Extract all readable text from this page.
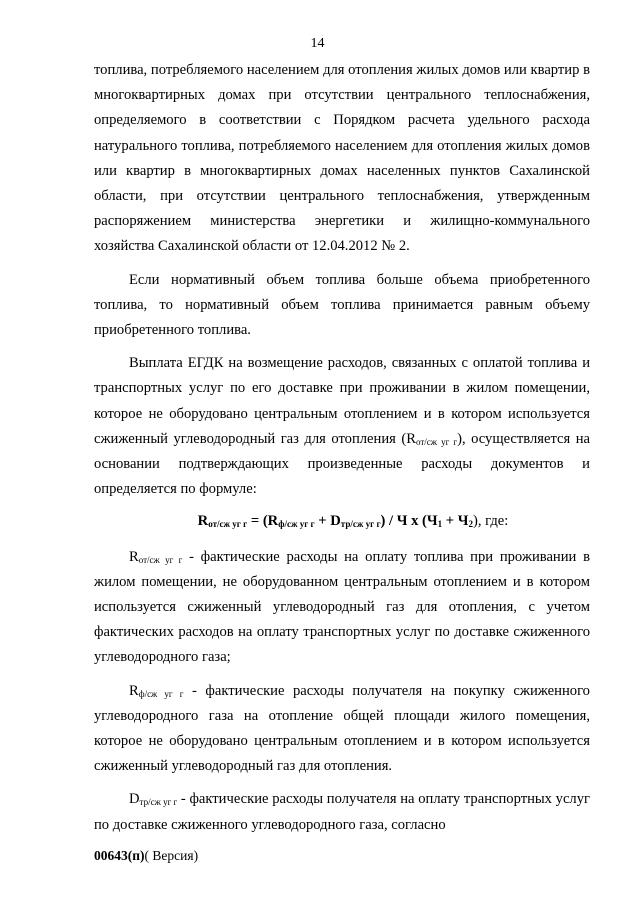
14

топлива, потребляемого населением для отопления жилых домов или квартир в многоквартирных домах при отсутствии центрального теплоснабжения, определяемого в соответствии с Порядком расчета удельного расхода натурального топлива, потребляемого населением для отопления жилых домов или квартир в многоквартирных домах населенных пунктов Сахалинской области, при отсутствии центрального теплоснабжения, утвержденным распоряжением министерства энергетики и жилищно-коммунального хозяйства Сахалинской области от 12.04.2012 № 2.

Если нормативный объем топлива больше объема приобретенного топлива, то нормативный объем топлива принимается равным объему приобретенного топлива.

Выплата ЕГДК на возмещение расходов, связанных с оплатой топлива и транспортных услуг по его доставке при проживании в жилом помещении, которое не оборудовано центральным отоплением и в котором используется сжиженный углеводородный газ для отопления $(R_{от/сж уг г})$, осуществляется на основании подтверждающих произведенные расходы документов и определяется по формуле:

$R_{от/сж уг г} = (R_{ф/сж уг г} + D_{тр/сж уг г}) / Ч$ x $(Ч_1 + Ч_2)$, где:

$R_{от/сж уг г}$ - фактические расходы на оплату топлива при проживании в жилом помещении, не оборудованном центральным отоплением и в котором используется сжиженный углеводородный газ для отопления, с учетом фактических расходов на оплату транспортных услуг по доставке сжиженного углеводородного газа;

$R_{ф/сж уг г}$ - фактические расходы получателя на покупку сжиженного углеводородного газа на отопление общей площади жилого помещения, которое не оборудовано центральным отоплением и в котором используется сжиженный углеводородный газ для отопления.

$D_{тр/сж уг г}$ - фактические расходы получателя на оплату транспортных услуг по доставке сжиженного углеводородного газа, согласно

00643(п)( Версия)
